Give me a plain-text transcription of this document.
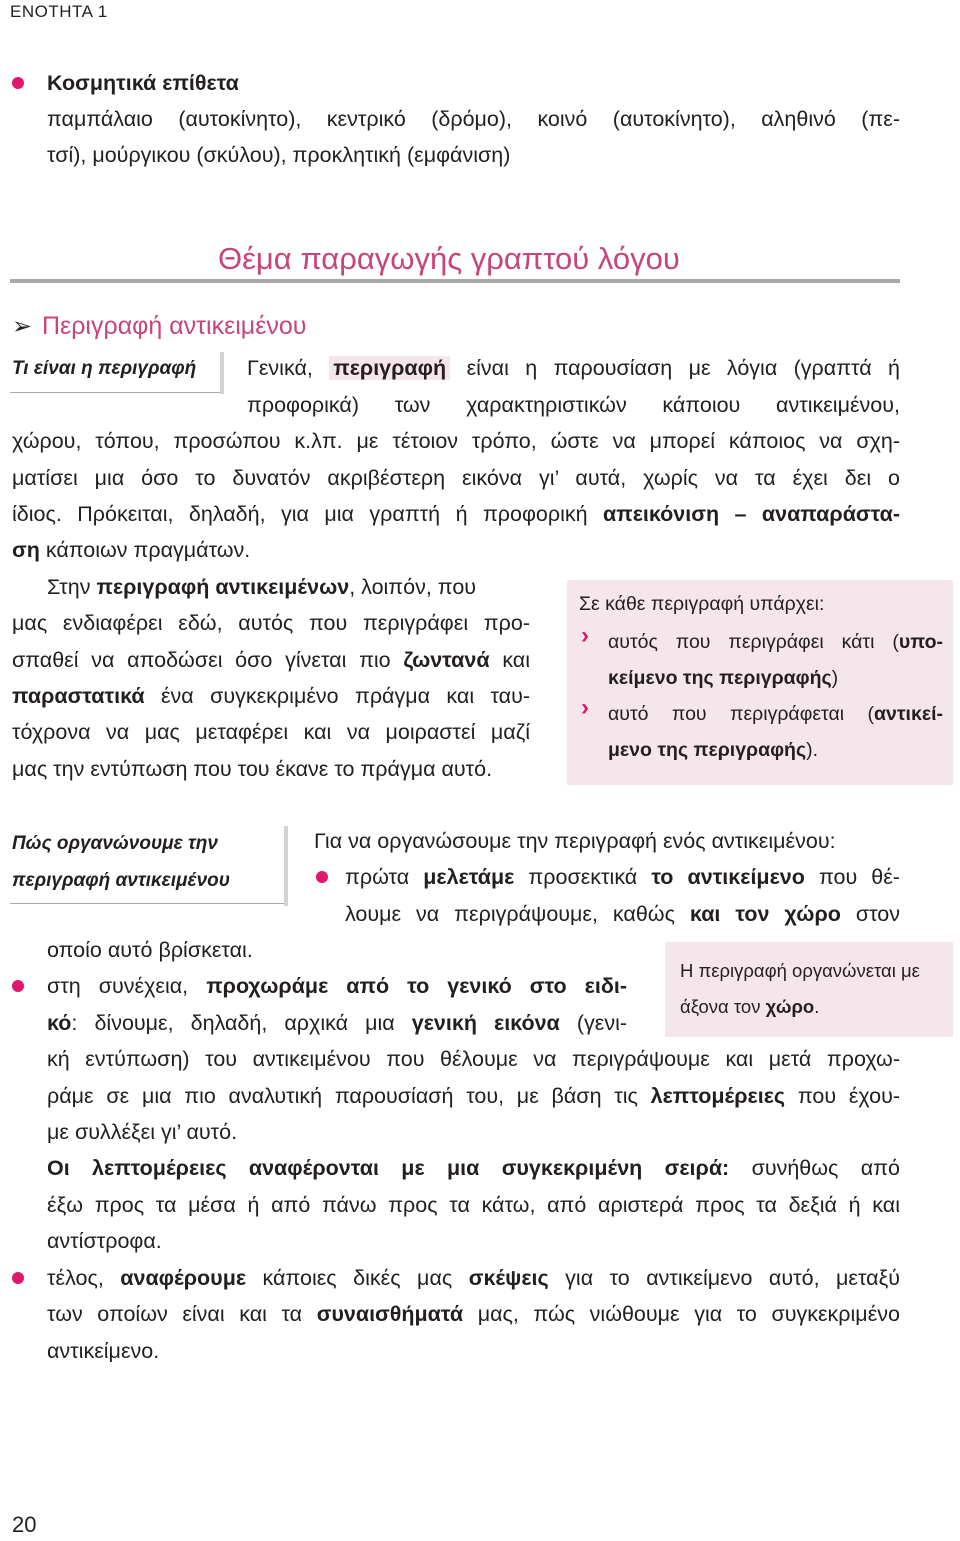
ΕΝΟΤΗΤΑ 1
Κοσμητικά επίθετα
παμπάλαιο (αυτοκίνητο), κεντρικό (δρόμο), κοινό (αυτοκίνητο), αληθινό (πε-
τσί), μούργικου (σκύλου), προκλητική (εμφάνιση)
Θέμα παραγωγής γραπτού λόγου
➢ Περιγραφή αντικειμένου
Τι είναι η περιγραφή Γενικά, περιγραφή είναι η παρουσίαση με λόγια (γραπτά ή
προφορικά) των χαρακτηριστικών κάποιου αντικειμένου,
χώρου, τόπου, προσώπου κ.λπ. με τέτοιον τρόπο, ώστε να μπορεί κάποιος να σχη-
ματίσει μια όσο το δυνατόν ακριβέστερη εικόνα γι’ αυτά, χωρίς να τα έχει δει ο
ίδιος. Πρόκειται, δηλαδή, για μια γραπτή ή προφορική απεικόνιση – αναπαράστα-
ση κάποιων πραγμάτων.
Στην περιγραφή αντικειμένων, λοιπόν, που
μας ενδιαφέρει εδώ, αυτός που περιγράφει προ-
σπαθεί να αποδώσει όσο γίνεται πιο ζωντανά και
παραστατικά ένα συγκεκριμένο πράγμα και ταυ-
τόχρονα να μας μεταφέρει και να μοιραστεί μαζί
μας την εντύπωση που του έκανε το πράγμα αυτό.
Σε κάθε περιγραφή υπάρχει:
› αυτός που περιγράφει κάτι (υπο-
κείμενο της περιγραφής)
› αυτό που περιγράφεται (αντικεί-
μενο της περιγραφής).
Πώς οργανώνουμε την
περιγραφή αντικειμένου
Για να οργανώσουμε την περιγραφή ενός αντικειμένου:
πρώτα μελετάμε προσεκτικά το αντικείμενο που θέ-
λουμε να περιγράψουμε, καθώς και τον χώρο στον
οποίο αυτό βρίσκεται.
Η περιγραφή οργανώνεται με
άξονα τον χώρο.
στη συνέχεια, προχωράμε από το γενικό στο ειδι-
κό: δίνουμε, δηλαδή, αρχικά μια γενική εικόνα (γενι-
κή εντύπωση) του αντικειμένου που θέλουμε να περιγράψουμε και μετά προχω-
ράμε σε μια πιο αναλυτική παρουσίασή του, με βάση τις λεπτομέρειες που έχου-
με συλλέξει γι’ αυτό.
Οι λεπτομέρειες αναφέρονται με μια συγκεκριμένη σειρά: συνήθως από
έξω προς τα μέσα ή από πάνω προς τα κάτω, από αριστερά προς τα δεξιά ή και
αντίστροφα.
τέλος, αναφέρουμε κάποιες δικές μας σκέψεις για το αντικείμενο αυτό, μεταξύ
των οποίων είναι και τα συναισθήματά μας, πώς νιώθουμε για το συγκεκριμένο
αντικείμενο.
20
